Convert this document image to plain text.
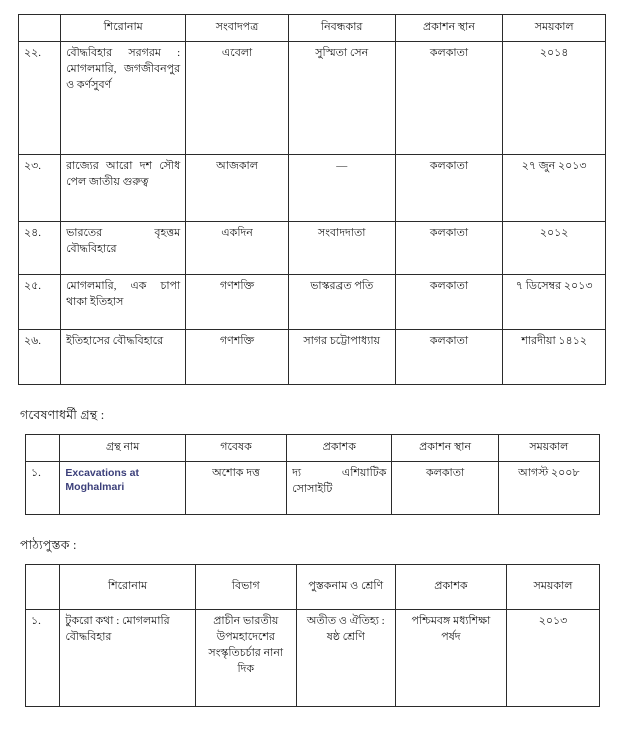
	শিরোনাম	সংবাদপত্র	নিবন্ধকার	প্রকাশন স্থান	সময়কাল
২২.	বৌদ্ধবিহার সরগরম : মোগলমারি, জগজীবনপুর ও কর্ণসুবর্ণ	এবেলা	সুস্মিতা সেন	কলকাতা	২০১৪
২৩.	রাজ্যের আরো দশ সৌধ পেল জাতীয় গুরুত্ব	আজকাল	—	কলকাতা	২৭ জুন ২০১৩
২৪.	ভারতের বৃহত্তম বৌদ্ধবিহারে	একদিন	সংবাদদাতা	কলকাতা	২০১২
২৫.	মোগলমারি, এক চাপা থাকা ইতিহাস	গণশক্তি	ভাস্করব্রত পতি	কলকাতা	৭ ডিসেম্বর ২০১৩
২৬.	ইতিহাসের বৌদ্ধবিহারে	গণশক্তি	সাগর চট্টোপাধ্যায়	কলকাতা	শারদীয়া ১৪১২
গবেষণাধর্মী গ্রন্থ :
	গ্রন্থ নাম	গবেষক	প্রকাশক	প্রকাশন স্থান	সময়কাল
১.	Excavations at Moghalmari	অশোক দত্ত	দ্য এশিয়াটিক সোসাইটি	কলকাতা	আগস্ট ২০০৮
পাঠ্যপুস্তক :
	শিরোনাম	বিভাগ	পুস্তকনাম ও শ্রেণি	প্রকাশক	সময়কাল
১.	টুকরো কথা : মোগলমারি বৌদ্ধবিহার	প্রাচীন ভারতীয় উপমহাদেশের সংস্কৃতিচর্চার নানা দিক	অতীত ও ঐতিহ্য : ষষ্ঠ শ্রেণি	পশ্চিমবঙ্গ মধ্যশিক্ষা পর্ষদ	২০১৩
